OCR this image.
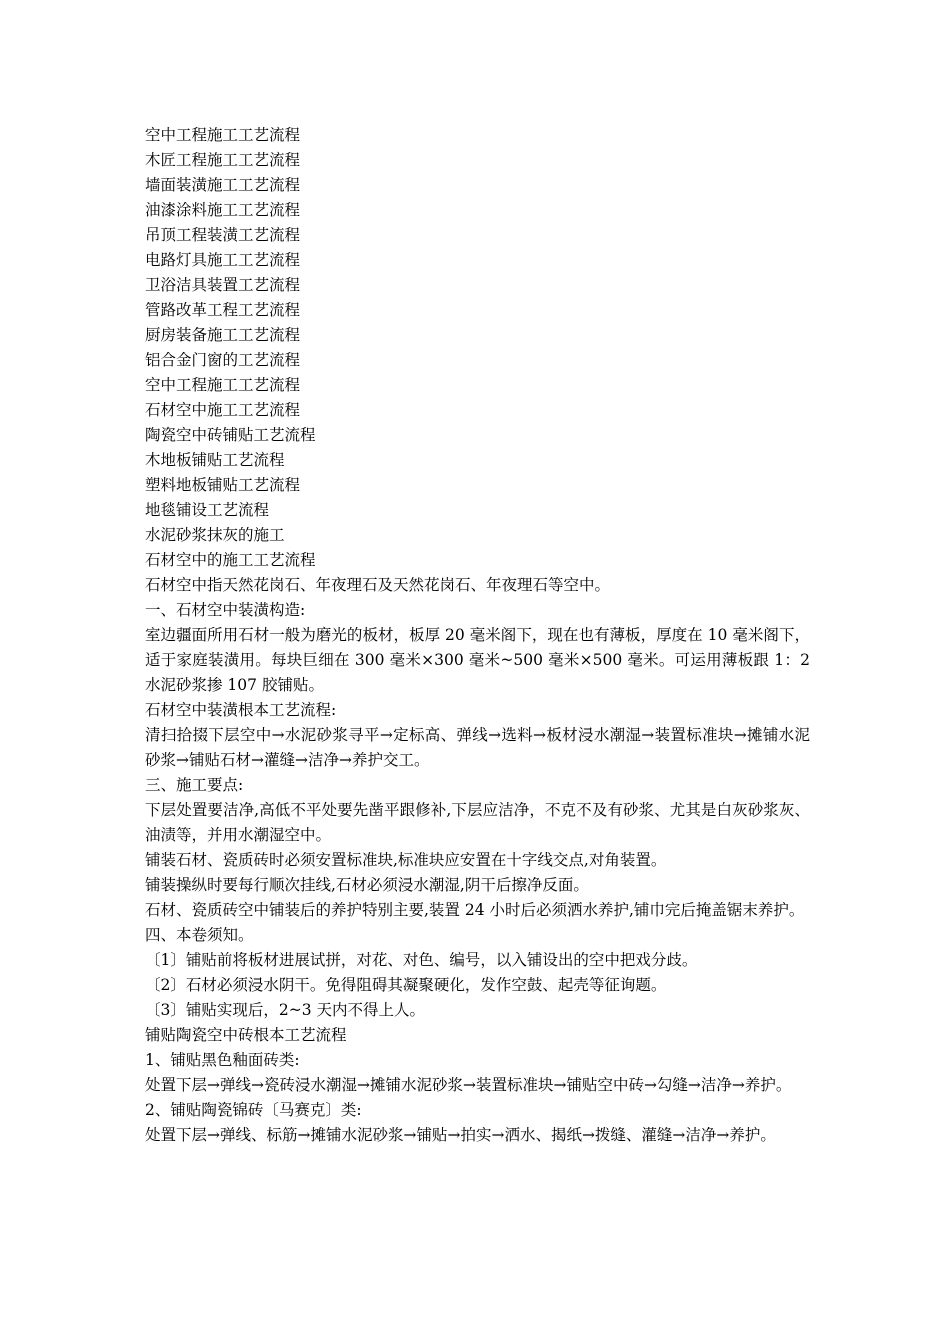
空中工程施工工艺流程

木匠工程施工工艺流程

墙面装潢施工工艺流程

油漆涂料施工工艺流程

吊顶工程装潢工艺流程

电路灯具施工工艺流程

卫浴洁具装置工艺流程

管路改革工程工艺流程

厨房装备施工工艺流程

铝合金门窗的工艺流程

空中工程施工工艺流程

石材空中施工工艺流程

陶瓷空中砖铺贴工艺流程

木地板铺贴工艺流程

塑料地板铺贴工艺流程

地毯铺设工艺流程

水泥砂浆抹灰的施工

石材空中的施工工艺流程

石材空中指天然花岗石、年夜理石及天然花岗石、年夜理石等空中。

一、石材空中装潢构造:

室边疆面所用石材一般为磨光的板材，板厚 20 毫米阁下，现在也有薄板，厚度在 10 毫米阁下，适于家庭装潢用。每块巨细在 300 毫米×300 毫米~500 毫米×500 毫米。可运用薄板跟 1：2 水泥砂浆掺 107 胶铺贴。

石材空中装潢根本工艺流程:

清扫拾掇下层空中→水泥砂浆寻平→定标高、弹线→选料→板材浸水潮湿→装置标准块→摊铺水泥砂浆→铺贴石材→灌缝→洁净→养护交工。

三、施工要点:

下层处置要洁净,高低不平处要先凿平跟修补,下层应洁净，不克不及有砂浆、尤其是白灰砂浆灰、油渍等，并用水潮湿空中。

铺装石材、瓷质砖时必须安置标准块,标准块应安置在十字线交点,对角装置。

铺装操纵时要每行顺次挂线,石材必须浸水潮湿,阴干后擦净反面。

石材、瓷质砖空中铺装后的养护特别主要,装置 24 小时后必须洒水养护,铺巾完后掩盖锯末养护。

四、本卷须知。

〔1〕铺贴前将板材进展试拼，对花、对色、编号，以入铺设出的空中把戏分歧。

〔2〕石材必须浸水阴干。免得阻碍其凝聚硬化，发作空鼓、起壳等征询题。

〔3〕铺贴实现后，2~3 天内不得上人。

铺贴陶瓷空中砖根本工艺流程

1、铺贴黑色釉面砖类:

处置下层→弹线→瓷砖浸水潮湿→摊铺水泥砂浆→装置标准块→铺贴空中砖→勾缝→洁净→养护。

2、铺贴陶瓷锦砖〔马赛克〕类:

处置下层→弹线、标筋→摊铺水泥砂浆→铺贴→拍实→洒水、揭纸→拨缝、灌缝→洁净→养护。
